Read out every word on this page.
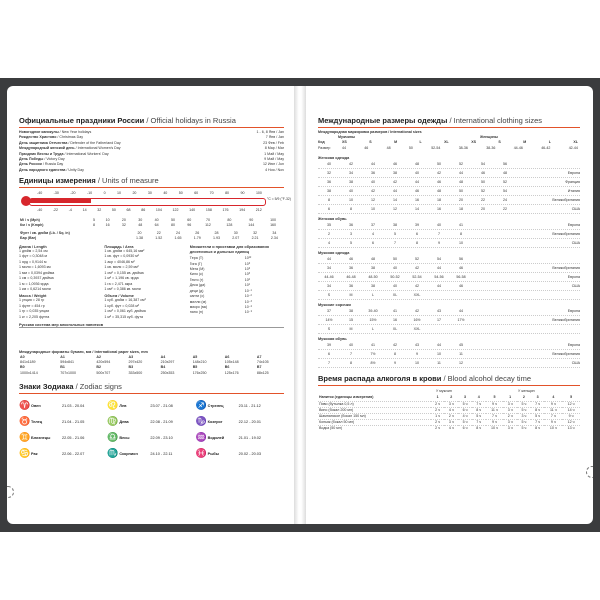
Официальные праздники России / Official holidays in Russia
Новогодние каникулы / New Year holidays	1 - 6, 8 Янв / Jan
Рождество Христово / Christmas Day	7 Янв / Jan
День защитника Отечества / Defender of the Fatherland Day	23 Фев / Feb
Международный женский день / International Women's Day	8 Мар / Mar
Праздник Весны и Труда / International Workers' Day	1 Май / May
День Победы / Victory Day	9 Май / May
День России / Russia Day	12 Июн / Jun
День народного единства / Unity Day	4 Ноя / Nov
Единицы измерения / Units of measure
-40	-30	-20	-10	0	10	20	30	40	50	60	70	80	90	100
°C = 5/9 (°F-32)
-40	-22	-4	14	32	50	68	86	104	122	140	158	176	194	212
Mi / ч (Mph)	5	10	20	30	40	50	60	70	80	90	100
Км / ч (Kmph)	8	16	32	48	64	80	96	112	128	144	160
Фунт / кв. дюйм (Lb. / Sq. in)	20	22	24	26	28	30	32	34
Бар (Bar)	1.38	1.52	1.65	1.79	1.93	2.07	2.21	2.34
Длина / Length
1 дюйм = 2,54 см
1 фут = 0,3048 м
1 ярд = 0,9144 м
1 миля = 1,6093 км
1 мм = 0,0394 дюйма
1 см = 0,3937 дюйма
1 м = 1,0936 ярда
1 км = 0,6214 мили
Масса / Weight
1 унция = 28 гр
1 фунт = 454 гр
1 гр = 0,035 унции
1 кг = 2,205 фунта
Площадь / Area
1 кв. дюйм = 645,16 мм²
1 кв. фут = 0,0930 м²
1 акр = 4046,86 м²
1 кв. миля = 2,59 км²
1 см² = 0,155 кв. дюйма
1 м² = 1,196 кв. ярда
1 га = 2,471 акра
1 км² = 0,386 кв. мили
Объем / Volume
1 куб. дюйм = 16,387 см³
1 куб. фут = 0,028 м³
1 см³ = 0,061 куб. дюйма
1 м³ = 35,315 куб. фута
Множители и приставки для образования десятичных и дольных единиц
Тера (Т)	10¹²
Гига (Г)	10⁹
Мега (М)	10⁶
Кило (к)	10³
Гекто (г)	10²
Дека (да)	10¹
деци (д)	10⁻¹
санти (с)	10⁻²
милли (м)	10⁻³
микро (мк)	10⁻⁶
нано (н)	10⁻⁹
Русская система мер алкогольных напитков
Международные форматы бумаги, мм / International paper sizes, mm
A0	A1	A2	A3	A4	A5	A6	A7
841x1189	594x841	420x594	297x420	210x297	148x210	105x148	74x105
B0	B1	B2	B3	B4	B5	B6	B7
1000x1414	707x1000	500x707	353x500	250x353	176x250	125x176	88x125
Знаки Зодиака / Zodiac signs
♈ Овен	21.03 - 20.04	♌ Лев	23.07 - 21.08	♐ Стрелец	23.11 - 21.12
♉ Телец	21.04 - 21.05	♍ Дева	22.08 - 21.09	♑ Козерог	22.12 - 20.01
♊ Близнецы	22.05 - 21.06	♎ Весы	22.09 - 23.10	♒ Водолей	21.01 - 19.02
♋ Рак	22.06 - 22.07	♏ Скорпион	24.10 - 22.11	♓ Рыбы	20.02 - 20.03
Международные размеры одежды / International clothing sizes
Международная маркировка размеров / International sizes
Мужчины	Женщины
Код
Размер
XS	S	M	L	XL	XS	S	M	L	XL
44	46	48	50	52-54	38-36	38-36	44-46	46-42	42-44
Женская одежда
40	42	44	46	48	50	52	54	56
32	34	36	38	40	42	44	46	48	Европа
36	38	40	42	44	46	48	50	52	Франция
38	40	42	44	46	48	50	52	54	Италия
8	10	12	14	16	18	20	22	24	Великобритания
6	8	10	12	14	16	18	20	22	США
Женская обувь
35	36	37	38	39	40	41	Европа
2	3	4	5	6	7	8	Великобритания
4	5	6	7	8	9	10	США
Мужская одежда
44	46	48	50	52	54	56
34	36	38	40	42	44	46	Великобритания
44-46	46-48	48-50	50-52	52-54	54-56	56-58	Европа
34	36	38	40	42	44	46	США
S	M	L	XL	XXL
Мужские сорочки
37	38	39-40	41	42	43	44	Европа
14½	15	15½	16	16½	17	17½	Великобритания
S	M	L	XL	XXL
Мужская обувь
39	40	41	42	43	44	45	Европа
6	7	7½	8	9	10	11	Великобритания
7	8	8½	9	10	11	12	США
Время распада алкоголя в крови / Blood alcohol decay time
У мужчин	У женщин
Напиток (единицы измерения)	1	2	3	4	5	1	2	3	4	5
Пиво (бутылка 0,5 л)	2 ч	3 ч	5 ч	7 ч	9 ч	3 ч	5 ч	7 ч	9 ч	12 ч
Вино (бокал 200 мл)	2 ч	4 ч	6 ч	8 ч	11 ч	3 ч	5 ч	8 ч	11 ч	14 ч
Шампанское (бокал 150 мл)	1 ч	2 ч	4 ч	5 ч	7 ч	2 ч	3 ч	5 ч	7 ч	9 ч
Коньяк (бокал 50 мл)	2 ч	3 ч	5 ч	7 ч	9 ч	3 ч	5 ч	7 ч	9 ч	12 ч
Водка (50 мл)	2 ч	4 ч	6 ч	8 ч	10 ч	3 ч	5 ч	8 ч	10 ч	13 ч
